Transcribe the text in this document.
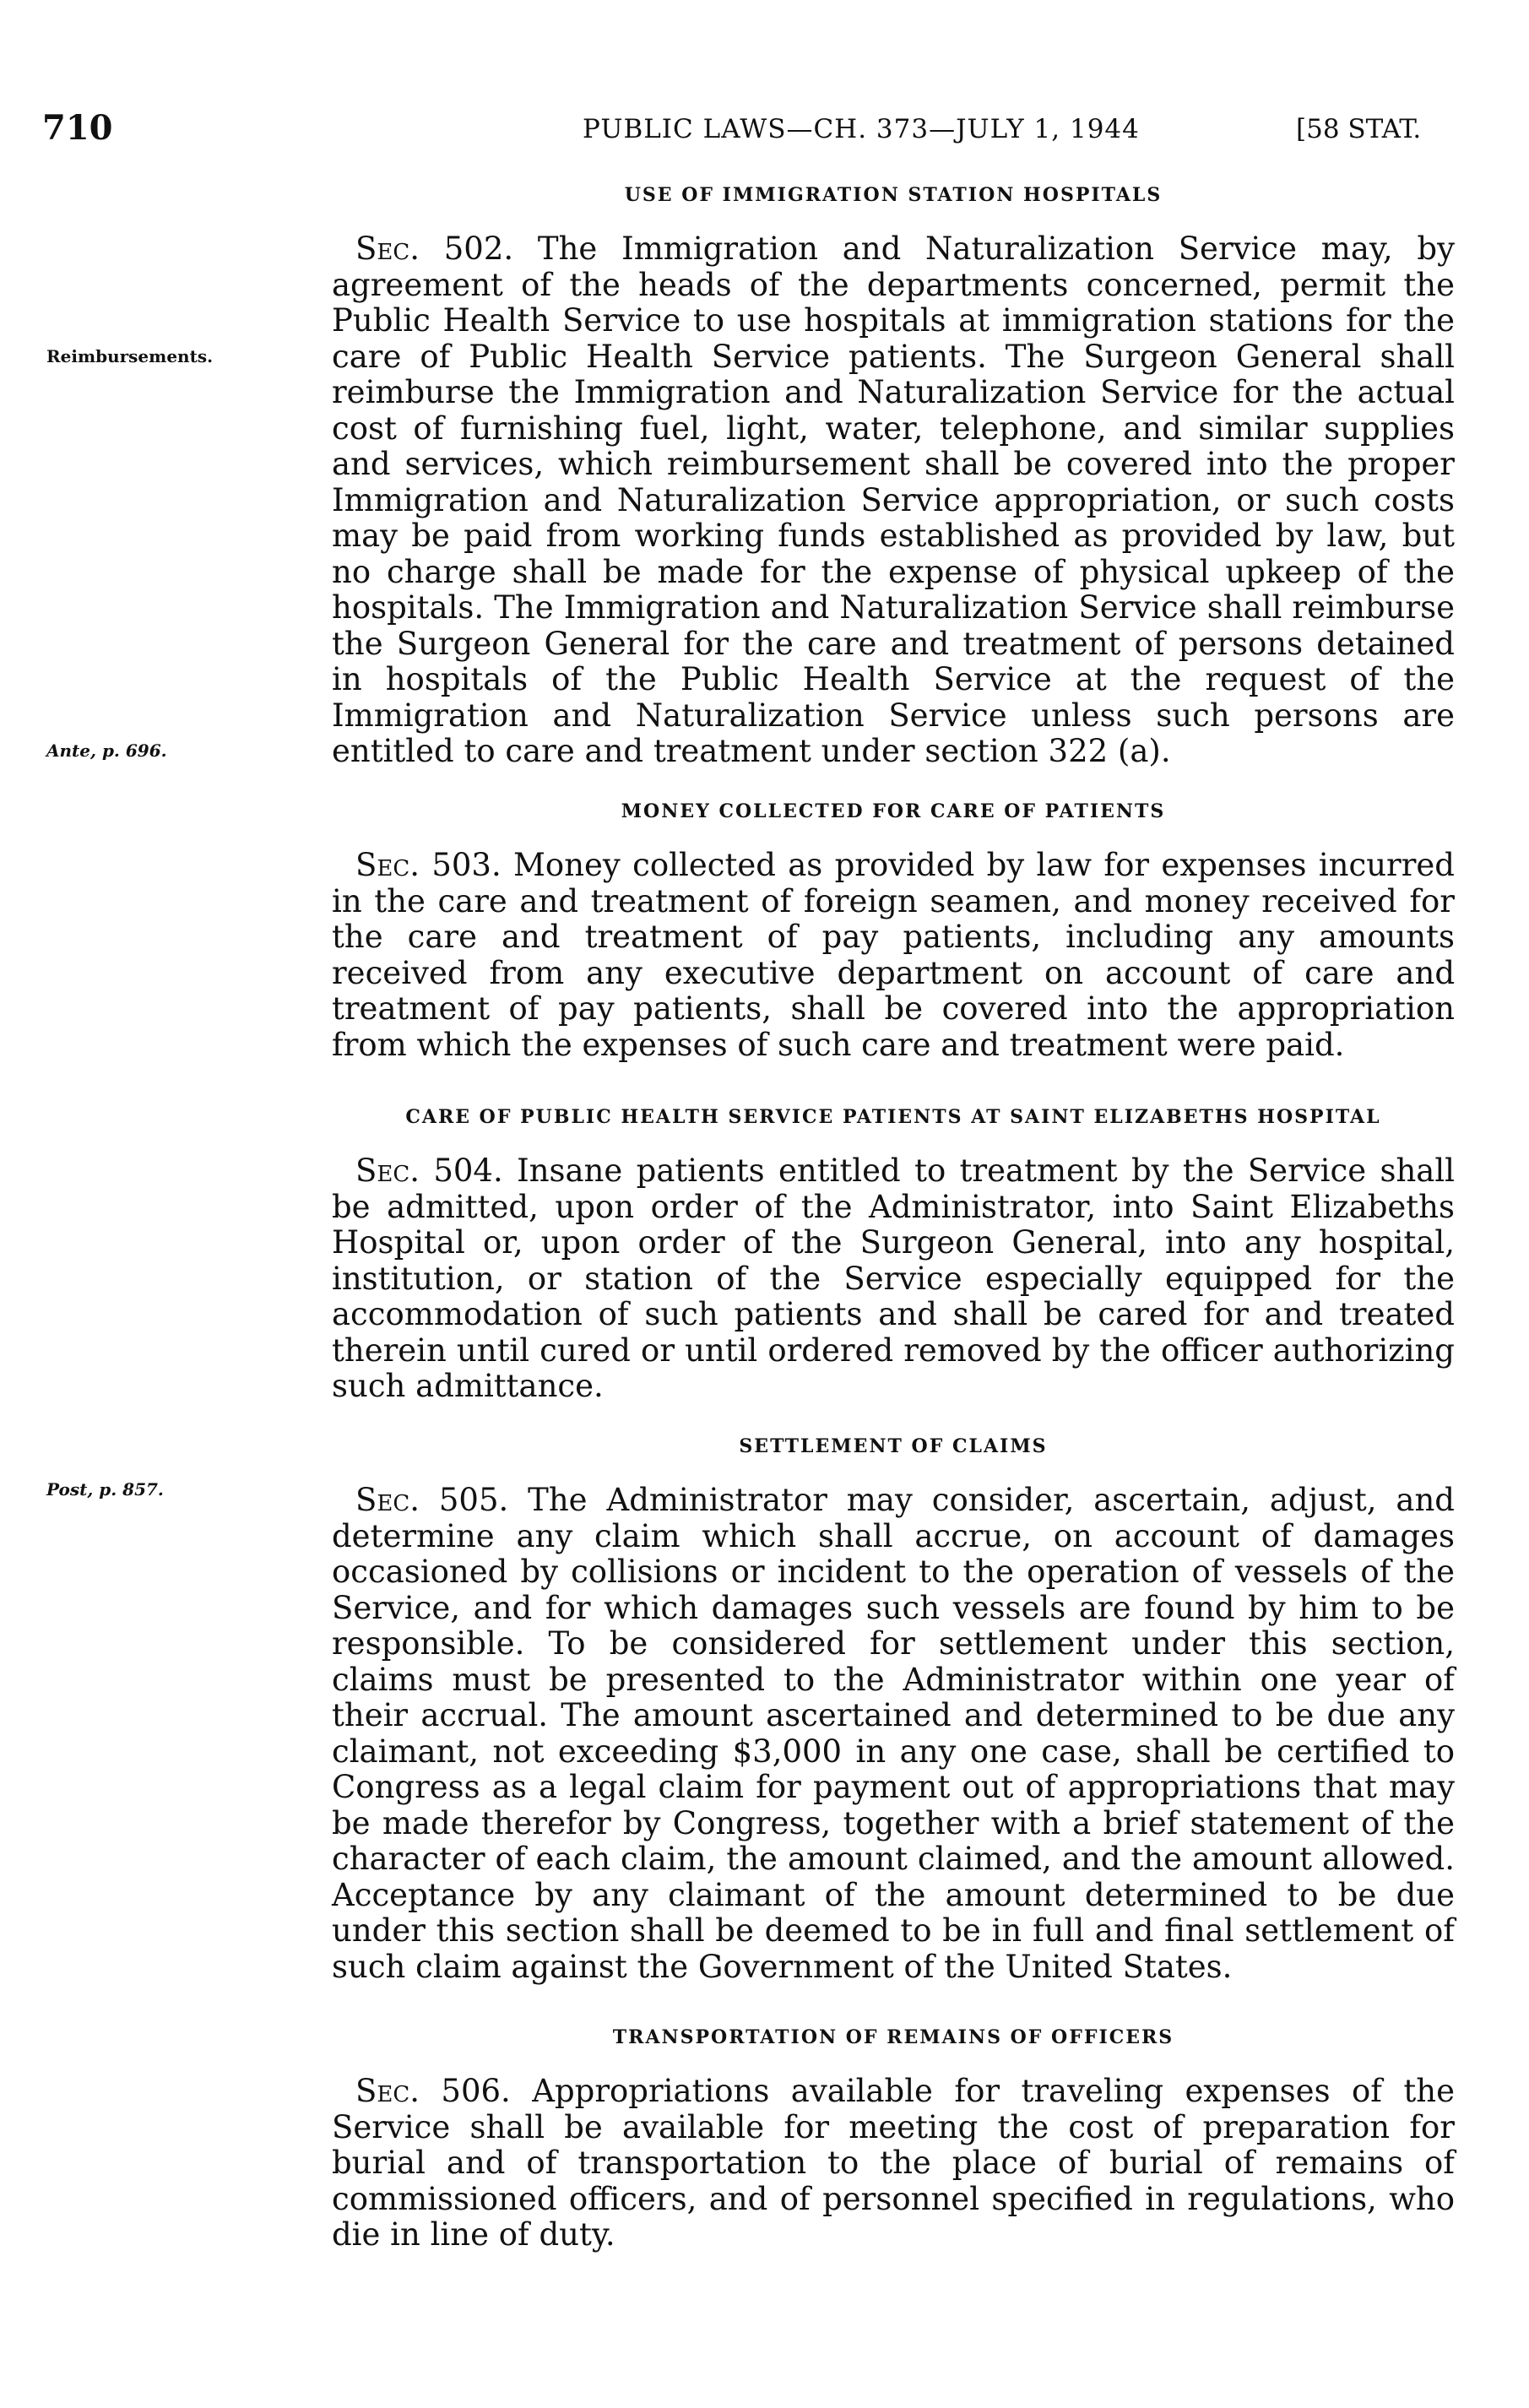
710	PUBLIC LAWS—CH. 373—JULY 1, 1944	[58 STAT.
Reimbursements.
Ante, p. 696.
Post, p. 857.
USE OF IMMIGRATION STATION HOSPITALS

Sec. 502. The Immigration and Naturalization Service may, by agreement of the heads of the departments concerned, permit the Public Health Service to use hospitals at immigration stations for the care of Public Health Service patients. The Surgeon General shall reimburse the Immigration and Naturalization Service for the actual cost of furnishing fuel, light, water, telephone, and similar supplies and services, which reimbursement shall be covered into the proper Immigration and Naturalization Service appropriation, or such costs may be paid from working funds established as provided by law, but no charge shall be made for the expense of physical upkeep of the hospitals. The Immigration and Naturalization Service shall reimburse the Surgeon General for the care and treatment of persons detained in hospitals of the Public Health Service at the request of the Immigration and Naturalization Service unless such persons are entitled to care and treatment under section 322 (a).

MONEY COLLECTED FOR CARE OF PATIENTS

Sec. 503. Money collected as provided by law for expenses incurred in the care and treatment of foreign seamen, and money received for the care and treatment of pay patients, including any amounts received from any executive department on account of care and treatment of pay patients, shall be covered into the appropriation from which the expenses of such care and treatment were paid.

CARE OF PUBLIC HEALTH SERVICE PATIENTS AT SAINT ELIZABETHS HOSPITAL

Sec. 504. Insane patients entitled to treatment by the Service shall be admitted, upon order of the Administrator, into Saint Elizabeths Hospital or, upon order of the Surgeon General, into any hospital, institution, or station of the Service especially equipped for the accommodation of such patients and shall be cared for and treated therein until cured or until ordered removed by the officer authorizing such admittance.

SETTLEMENT OF CLAIMS

Sec. 505. The Administrator may consider, ascertain, adjust, and determine any claim which shall accrue, on account of damages occasioned by collisions or incident to the operation of vessels of the Service, and for which damages such vessels are found by him to be responsible. To be considered for settlement under this section, claims must be presented to the Administrator within one year of their accrual. The amount ascertained and determined to be due any claimant, not exceeding $3,000 in any one case, shall be certified to Congress as a legal claim for payment out of appropriations that may be made therefor by Congress, together with a brief statement of the character of each claim, the amount claimed, and the amount allowed. Acceptance by any claimant of the amount determined to be due under this section shall be deemed to be in full and final settlement of such claim against the Government of the United States.

TRANSPORTATION OF REMAINS OF OFFICERS

Sec. 506. Appropriations available for traveling expenses of the Service shall be available for meeting the cost of preparation for burial and of transportation to the place of burial of remains of commissioned officers, and of personnel specified in regulations, who die in line of duty.
